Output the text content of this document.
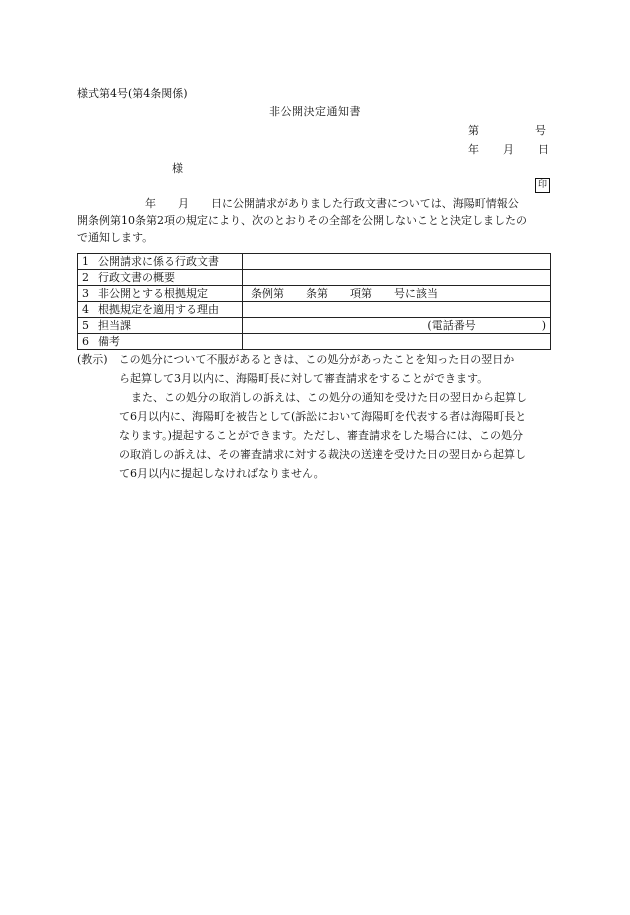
様式第4号(第4条関係)
非公開決定通知書
第	号
年 月 日
様
印
年　　月　　日に公開請求がありました行政文書については、海陽町情報公
開条例第10条第2項の規定により、次のとおりその全部を公開しないことと決定しましたの
で通知します。
1 公開請求に係る行政文書	
2 行政文書の概要	
3 非公開とする根拠規定	条例第　　条第　　項第　　号に該当
4 根拠規定を適用する理由	
5 担当課	(電話番号　　　　　　)
6 備考	
(教示)　 この処分について不服があるときは、この処分があったことを知った日の翌日か
ら起算して3月以内に、海陽町長に対して審査請求をすることができます。
また、この処分の取消しの訴えは、この処分の通知を受けた日の翌日から起算し
て6月以内に、海陽町を被告として(訴訟において海陽町を代表する者は海陽町長と
なります。)提起することができます。ただし、審査請求をした場合には、この処分
の取消しの訴えは、その審査請求に対する裁決の送達を受けた日の翌日から起算し
て6月以内に提起しなければなりません。
